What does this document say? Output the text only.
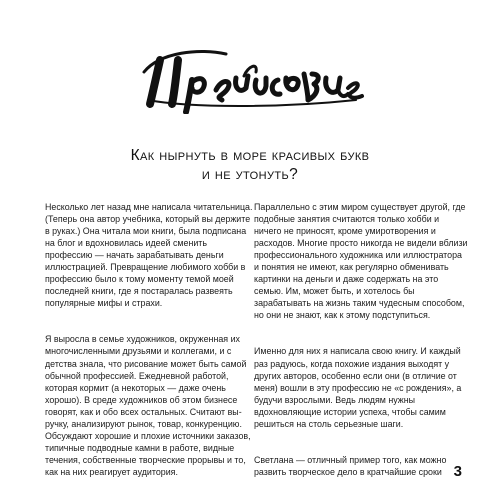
Как нырнуть в море красивых букв
и не утонуть?

Несколько лет назад мне написала читательница. (Теперь она автор учебника, который вы держите в руках.) Она читала мои книги, была подписана на блог и вдохновилась идеей сменить профессию — начать зарабатывать деньги иллюстрацией. Превращение любимого хобби в профессию было к тому моменту темой моей последней книги, где я постаралась развеять популярные мифы и страхи.

Я выросла в семье художников, окруженная их многочисленными друзьями и коллегами, и с детства знала, что рисование может быть самой обычной профессией. Ежедневной работой, которая кормит (а некоторых — даже очень хорошо). В среде художников об этом бизнесе говорят, как и обо всех остальных. Считают выручку, анализируют рынок, товар, конкуренцию. Обсуждают хорошие и плохие источники заказов, типичные подводные камни в работе, видные течения, собственные творческие прорывы и то, как на них реагирует аудитория.

Параллельно с этим миром существует другой, где подобные занятия считаются только хобби и ничего не приносят, кроме умиротворения и расходов. Многие просто никогда не видели вблизи профессионального художника или иллюстратора и понятия не имеют, как регулярно обменивать картинки на деньги и даже содержать на это семью. Им, может быть, и хотелось бы зарабатывать на жизнь таким чудесным способом, но они не знают, как к этому подступиться.

Именно для них я написала свою книгу. И каждый раз радуюсь, когда похожие издания выходят у других авторов, особенно если они (в отличие от меня) вошли в эту профессию не «с рождения», а будучи взрослыми. Ведь людям нужны вдохновляющие истории успеха, чтобы самим решиться на столь серьезные шаги.

Светлана — отличный пример того, как можно развить творческое дело в кратчайшие сроки 3
